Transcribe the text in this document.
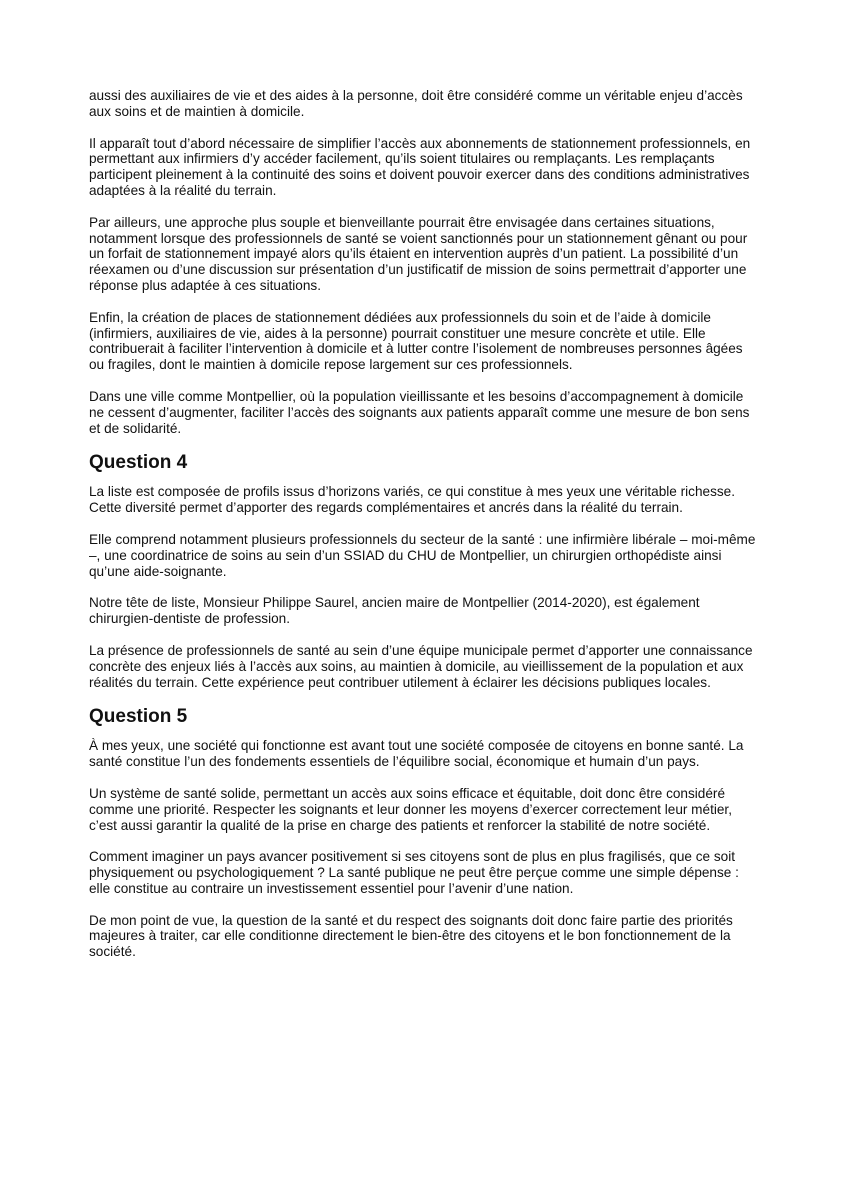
aussi des auxiliaires de vie et des aides à la personne, doit être considéré comme un véritable enjeu d’accès aux soins et de maintien à domicile.

Il apparaît tout d’abord nécessaire de simplifier l’accès aux abonnements de stationnement professionnels, en permettant aux infirmiers d’y accéder facilement, qu’ils soient titulaires ou remplaçants. Les remplaçants participent pleinement à la continuité des soins et doivent pouvoir exercer dans des conditions administratives adaptées à la réalité du terrain.

Par ailleurs, une approche plus souple et bienveillante pourrait être envisagée dans certaines situations, notamment lorsque des professionnels de santé se voient sanctionnés pour un stationnement gênant ou pour un forfait de stationnement impayé alors qu’ils étaient en intervention auprès d’un patient. La possibilité d’un réexamen ou d’une discussion sur présentation d’un justificatif de mission de soins permettrait d’apporter une réponse plus adaptée à ces situations.

Enfin, la création de places de stationnement dédiées aux professionnels du soin et de l’aide à domicile (infirmiers, auxiliaires de vie, aides à la personne) pourrait constituer une mesure concrète et utile. Elle contribuerait à faciliter l’intervention à domicile et à lutter contre l’isolement de nombreuses personnes âgées ou fragiles, dont le maintien à domicile repose largement sur ces professionnels.

Dans une ville comme Montpellier, où la population vieillissante et les besoins d’accompagnement à domicile ne cessent d’augmenter, faciliter l’accès des soignants aux patients apparaît comme une mesure de bon sens et de solidarité.

Question 4

La liste est composée de profils issus d’horizons variés, ce qui constitue à mes yeux une véritable richesse. Cette diversité permet d’apporter des regards complémentaires et ancrés dans la réalité du terrain.

Elle comprend notamment plusieurs professionnels du secteur de la santé : une infirmière libérale – moi-même –, une coordinatrice de soins au sein d’un SSIAD du CHU de Montpellier, un chirurgien orthopédiste ainsi qu’une aide-soignante.

Notre tête de liste, Monsieur Philippe Saurel, ancien maire de Montpellier (2014-2020), est également chirurgien-dentiste de profession.

La présence de professionnels de santé au sein d’une équipe municipale permet d’apporter une connaissance concrète des enjeux liés à l’accès aux soins, au maintien à domicile, au vieillissement de la population et aux réalités du terrain. Cette expérience peut contribuer utilement à éclairer les décisions publiques locales.

Question 5

À mes yeux, une société qui fonctionne est avant tout une société composée de citoyens en bonne santé. La santé constitue l’un des fondements essentiels de l’équilibre social, économique et humain d’un pays.

Un système de santé solide, permettant un accès aux soins efficace et équitable, doit donc être considéré comme une priorité. Respecter les soignants et leur donner les moyens d’exercer correctement leur métier, c’est aussi garantir la qualité de la prise en charge des patients et renforcer la stabilité de notre société.

Comment imaginer un pays avancer positivement si ses citoyens sont de plus en plus fragilisés, que ce soit physiquement ou psychologiquement ? La santé publique ne peut être perçue comme une simple dépense : elle constitue au contraire un investissement essentiel pour l’avenir d’une nation.

De mon point de vue, la question de la santé et du respect des soignants doit donc faire partie des priorités majeures à traiter, car elle conditionne directement le bien-être des citoyens et le bon fonctionnement de la société.
